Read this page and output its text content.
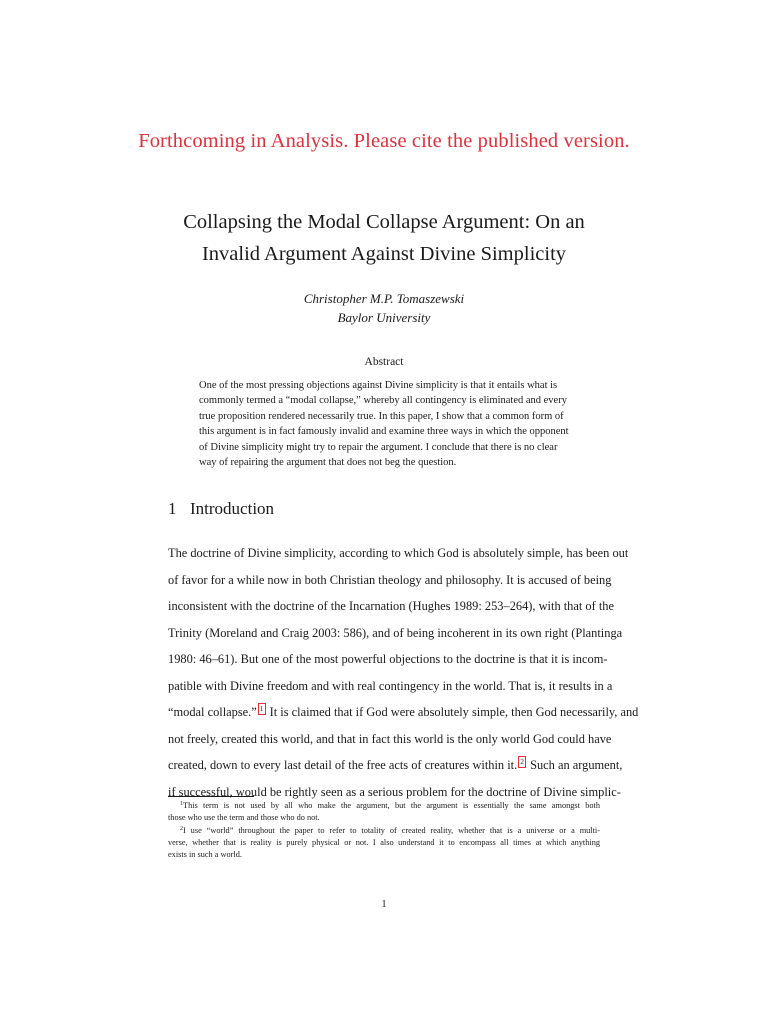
Forthcoming in Analysis. Please cite the published version.
Collapsing the Modal Collapse Argument: On an
Invalid Argument Against Divine Simplicity
Christopher M.P. Tomaszewski
Baylor University
Abstract
One of the most pressing objections against Divine simplicity is that it entails what is
commonly termed a “modal collapse,” whereby all contingency is eliminated and every
true proposition rendered necessarily true. In this paper, I show that a common form of
this argument is in fact famously invalid and examine three ways in which the opponent
of Divine simplicity might try to repair the argument. I conclude that there is no clear
way of repairing the argument that does not beg the question.
1 Introduction
The doctrine of Divine simplicity, according to which God is absolutely simple, has been out
of favor for a while now in both Christian theology and philosophy. It is accused of being
inconsistent with the doctrine of the Incarnation (Hughes 1989: 253–264), with that of the
Trinity (Moreland and Craig 2003: 586), and of being incoherent in its own right (Plantinga
1980: 46–61). But one of the most powerful objections to the doctrine is that it is incom-
patible with Divine freedom and with real contingency in the world. That is, it results in a
“modal collapse.” 1 It is claimed that if God were absolutely simple, then God necessarily, and
not freely, created this world, and that in fact this world is the only world God could have
created, down to every last detail of the free acts of creatures within it. 2 Such an argument,
if successful, would be rightly seen as a serious problem for the doctrine of Divine simplic-
$^1$This term is not used by all who make the argument, but the argument is essentially the same amongst both
those who use the term and those who do not.
$^2$I use “world” throughout the paper to refer to totality of created reality, whether that is a universe or a multi-
verse, whether that is reality is purely physical or not. I also understand it to encompass all times at which anything
exists in such a world.
1
